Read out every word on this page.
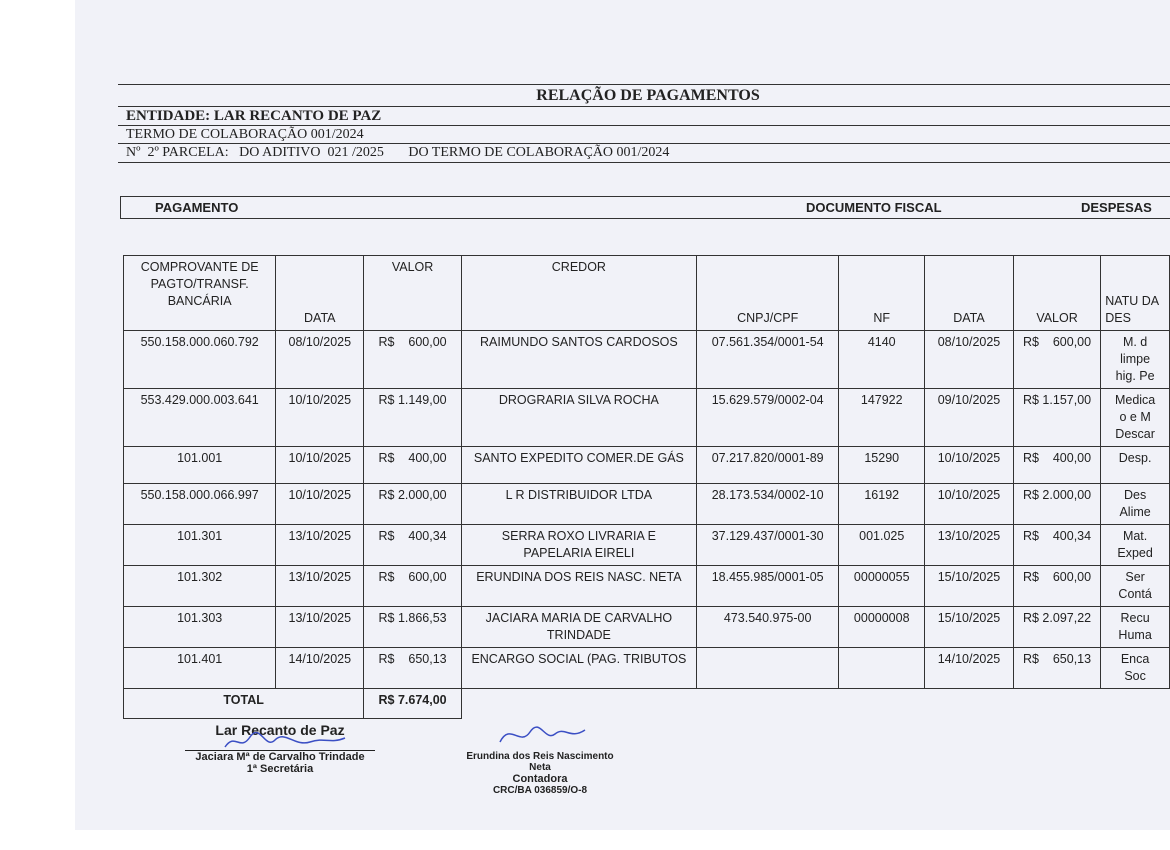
RELAÇÃO DE PAGAMENTOS
ENTIDADE: LAR RECANTO DE PAZ
TERMO DE COLABORAÇÃO 001/2024
Nº  2º PARCELA:   DO ADITIVO  021 /2025       DO TERMO DE COLABORAÇÃO 001/2024
PAGAMENTO	DOCUMENTO FISCAL	DESPESAS
COMPROVANTE DE PAGTO/TRANSF. BANCÁRIA	DATA	VALOR	CREDOR	CNPJ/CPF	NF	DATA	VALOR	NATU DA DES
550.158.000.060.792	08/10/2025	R$    600,00	RAIMUNDO SANTOS CARDOSOS	07.561.354/0001-54	4140	08/10/2025	R$    600,00	M. d
limpe
hig. Pe

553.429.000.003.641	10/10/2025	R$ 1.149,00	DROGRARIA SILVA ROCHA	15.629.579/0002-04	147922	09/10/2025	R$ 1.157,00	Medica
o e M
Descar

101.001	10/10/2025	R$    400,00	SANTO EXPEDITO COMER.DE GÁS	07.217.820/0001-89	15290	10/10/2025	R$    400,00	Desp.

550.158.000.066.997	10/10/2025	R$ 2.000,00	L R DISTRIBUIDOR LTDA	28.173.534/0002-10	16192	10/10/2025	R$ 2.000,00	Des
Alime

101.301	13/10/2025	R$    400,34	SERRA ROXO LIVRARIA E PAPELARIA EIRELI	37.129.437/0001-30	001.025	13/10/2025	R$    400,34	Mat.
Exped

101.302	13/10/2025	R$    600,00	ERUNDINA DOS REIS NASC. NETA	18.455.985/0001-05	00000055	15/10/2025	R$    600,00	Ser
Contá

101.303	13/10/2025	R$ 1.866,53	JACIARA MARIA DE CARVALHO TRINDADE	473.540.975-00	00000008	15/10/2025	R$ 2.097,22	Recu
Huma

101.401	14/10/2025	R$    650,13	ENCARGO SOCIAL (PAG. TRIBUTOS			14/10/2025	R$    650,13	Enca
Soc

TOTAL		R$ 7.674,00						
Lar Recanto de Paz
Jaciara Mª de Carvalho Trindade
1ª Secretária
Erundina dos Reis Nascimento Neta
Contadora
CRC/BA 036859/O-8
